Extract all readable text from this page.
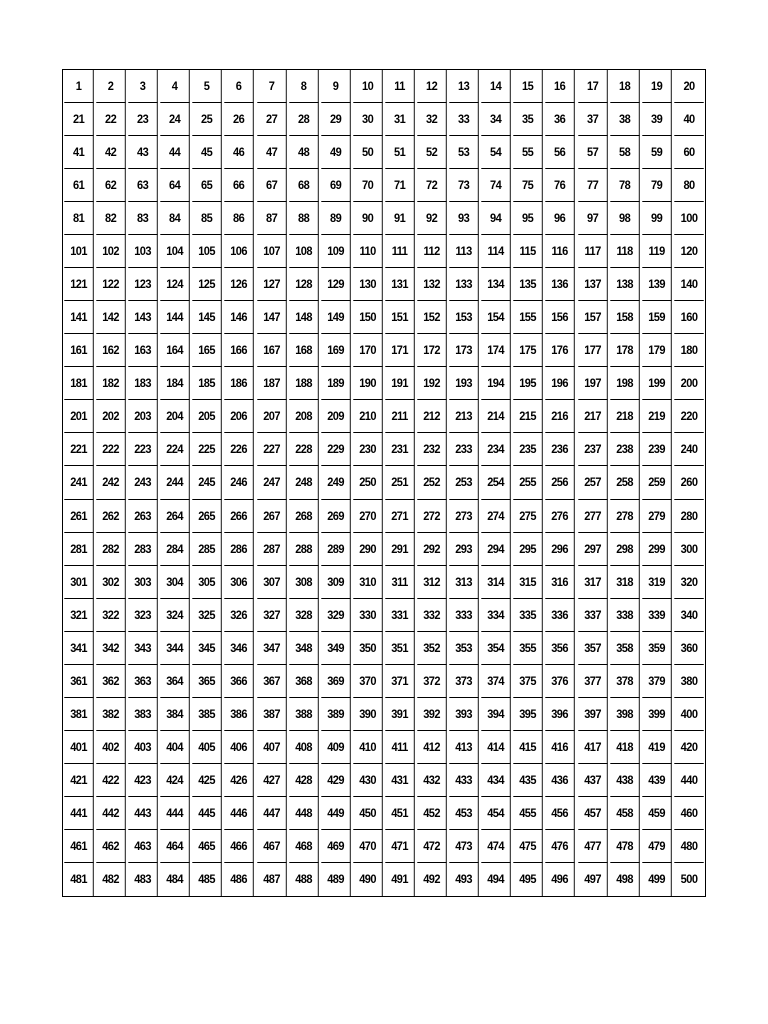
1	2	3	4	5	6	7	8	9	10	11	12	13	14	15	16	17	18	19	20
21	22	23	24	25	26	27	28	29	30	31	32	33	34	35	36	37	38	39	40
41	42	43	44	45	46	47	48	49	50	51	52	53	54	55	56	57	58	59	60
61	62	63	64	65	66	67	68	69	70	71	72	73	74	75	76	77	78	79	80
81	82	83	84	85	86	87	88	89	90	91	92	93	94	95	96	97	98	99	100
101	102	103	104	105	106	107	108	109	110	111	112	113	114	115	116	117	118	119	120
121	122	123	124	125	126	127	128	129	130	131	132	133	134	135	136	137	138	139	140
141	142	143	144	145	146	147	148	149	150	151	152	153	154	155	156	157	158	159	160
161	162	163	164	165	166	167	168	169	170	171	172	173	174	175	176	177	178	179	180
181	182	183	184	185	186	187	188	189	190	191	192	193	194	195	196	197	198	199	200
201	202	203	204	205	206	207	208	209	210	211	212	213	214	215	216	217	218	219	220
221	222	223	224	225	226	227	228	229	230	231	232	233	234	235	236	237	238	239	240
241	242	243	244	245	246	247	248	249	250	251	252	253	254	255	256	257	258	259	260
261	262	263	264	265	266	267	268	269	270	271	272	273	274	275	276	277	278	279	280
281	282	283	284	285	286	287	288	289	290	291	292	293	294	295	296	297	298	299	300
301	302	303	304	305	306	307	308	309	310	311	312	313	314	315	316	317	318	319	320
321	322	323	324	325	326	327	328	329	330	331	332	333	334	335	336	337	338	339	340
341	342	343	344	345	346	347	348	349	350	351	352	353	354	355	356	357	358	359	360
361	362	363	364	365	366	367	368	369	370	371	372	373	374	375	376	377	378	379	380
381	382	383	384	385	386	387	388	389	390	391	392	393	394	395	396	397	398	399	400
401	402	403	404	405	406	407	408	409	410	411	412	413	414	415	416	417	418	419	420
421	422	423	424	425	426	427	428	429	430	431	432	433	434	435	436	437	438	439	440
441	442	443	444	445	446	447	448	449	450	451	452	453	454	455	456	457	458	459	460
461	462	463	464	465	466	467	468	469	470	471	472	473	474	475	476	477	478	479	480
481	482	483	484	485	486	487	488	489	490	491	492	493	494	495	496	497	498	499	500
